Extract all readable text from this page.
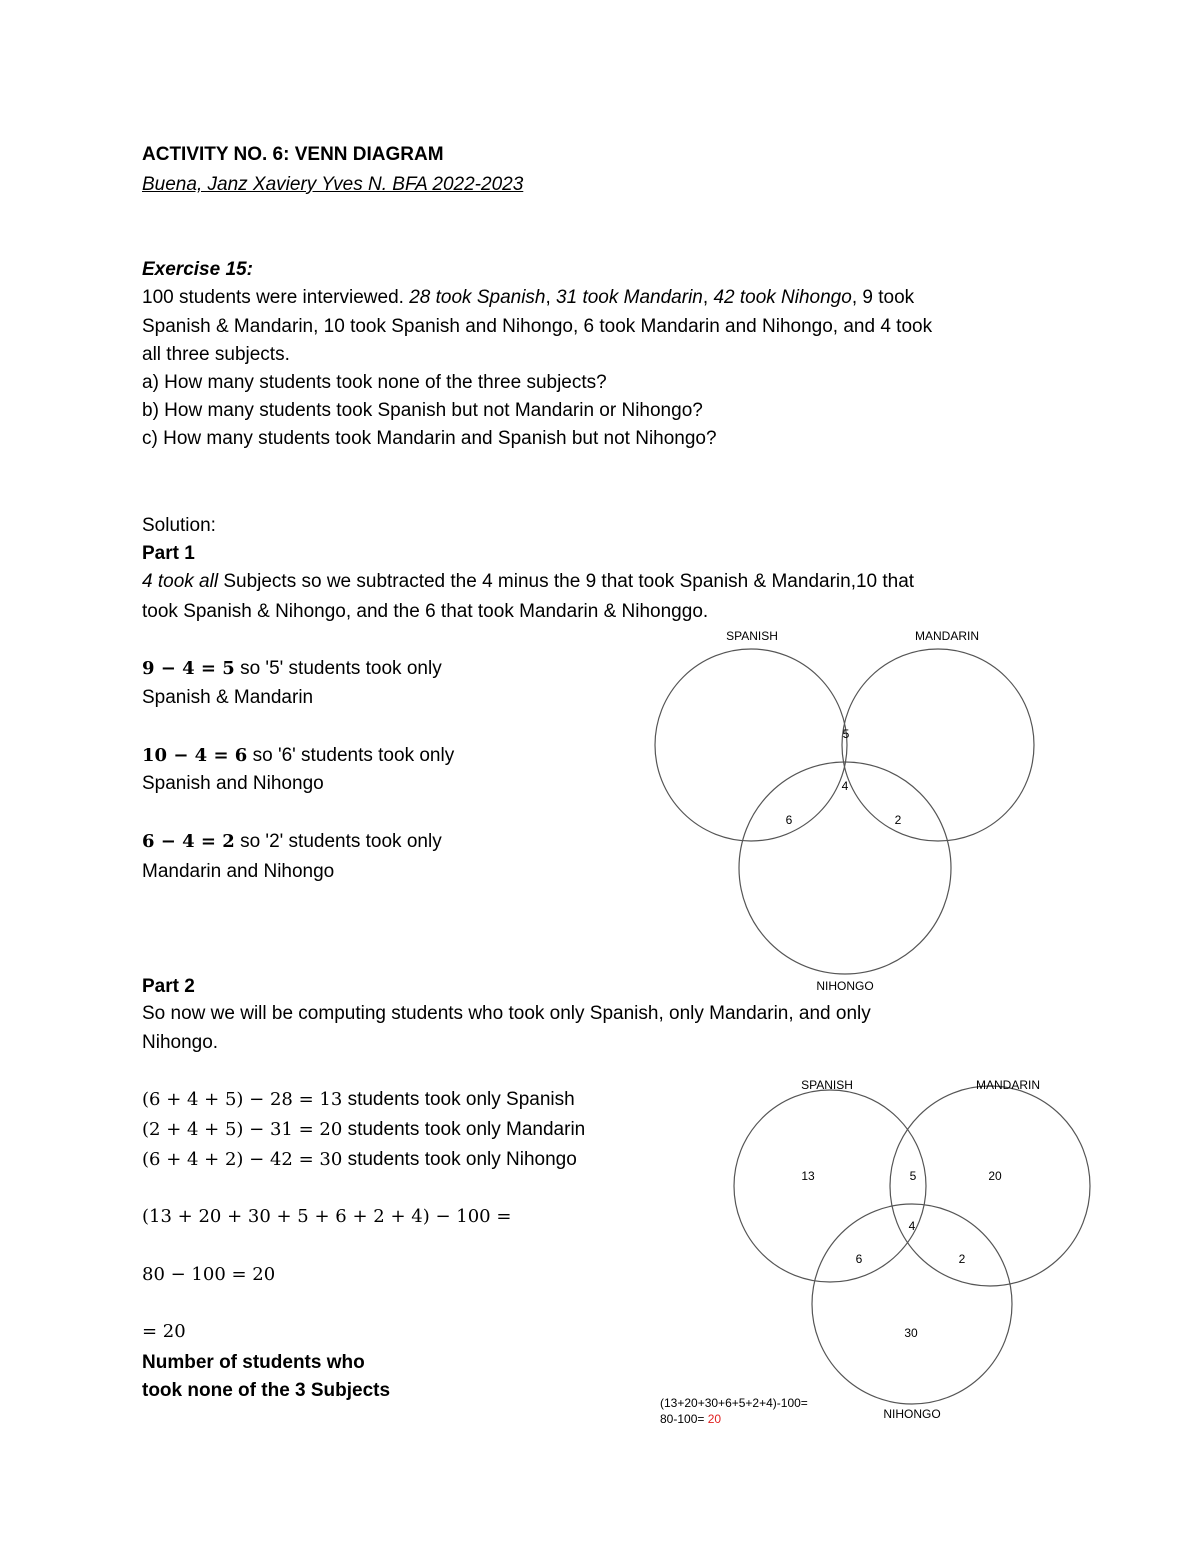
ACTIVITY NO. 6: VENN DIAGRAM
Buena, Janz Xaviery Yves N. BFA 2022-2023
Exercise 15:
100 students were interviewed. 28 took Spanish, 31 took Mandarin, 42 took Nihongo, 9 took
Spanish & Mandarin, 10 took Spanish and Nihongo, 6 took Mandarin and Nihongo, and 4 took
all three subjects.
a) How many students took none of the three subjects?
b) How many students took Spanish but not Mandarin or Nihongo?
c) How many students took Mandarin and Spanish but not Nihongo?
Solution:
Part 1
4 took all Subjects so we subtracted the 4 minus the 9 that took Spanish & Mandarin,10 that
took Spanish & Nihongo, and the 6 that took Mandarin & Nihonggo.
9 − 4 = 5 so '5' students took only
Spanish & Mandarin
10 − 4 = 6 so '6' students took only
Spanish and Nihongo
6 − 4 = 2 so '2' students took only
Mandarin and Nihongo
Part 2
So now we will be computing students who took only Spanish, only Mandarin, and only
Nihongo.
(6 + 4 + 5) − 28 = 13 students took only Spanish
(2 + 4 + 5) − 31 = 20 students took only Mandarin
(6 + 4 + 2) − 42 = 30 students took only Nihongo
(13 + 20 + 30 + 5 + 6 + 2 + 4) − 100 =
80 − 100 = 20
= 20
Number of students who
took none of the 3 Subjects
SPANISH	MANDARIN
NIHONGO
5
4
6	2
SPANISH	MANDARIN
NIHONGO
13	5	20
4
6	2
30
(13+20+30+6+5+2+4)-100=
80-100= 20
